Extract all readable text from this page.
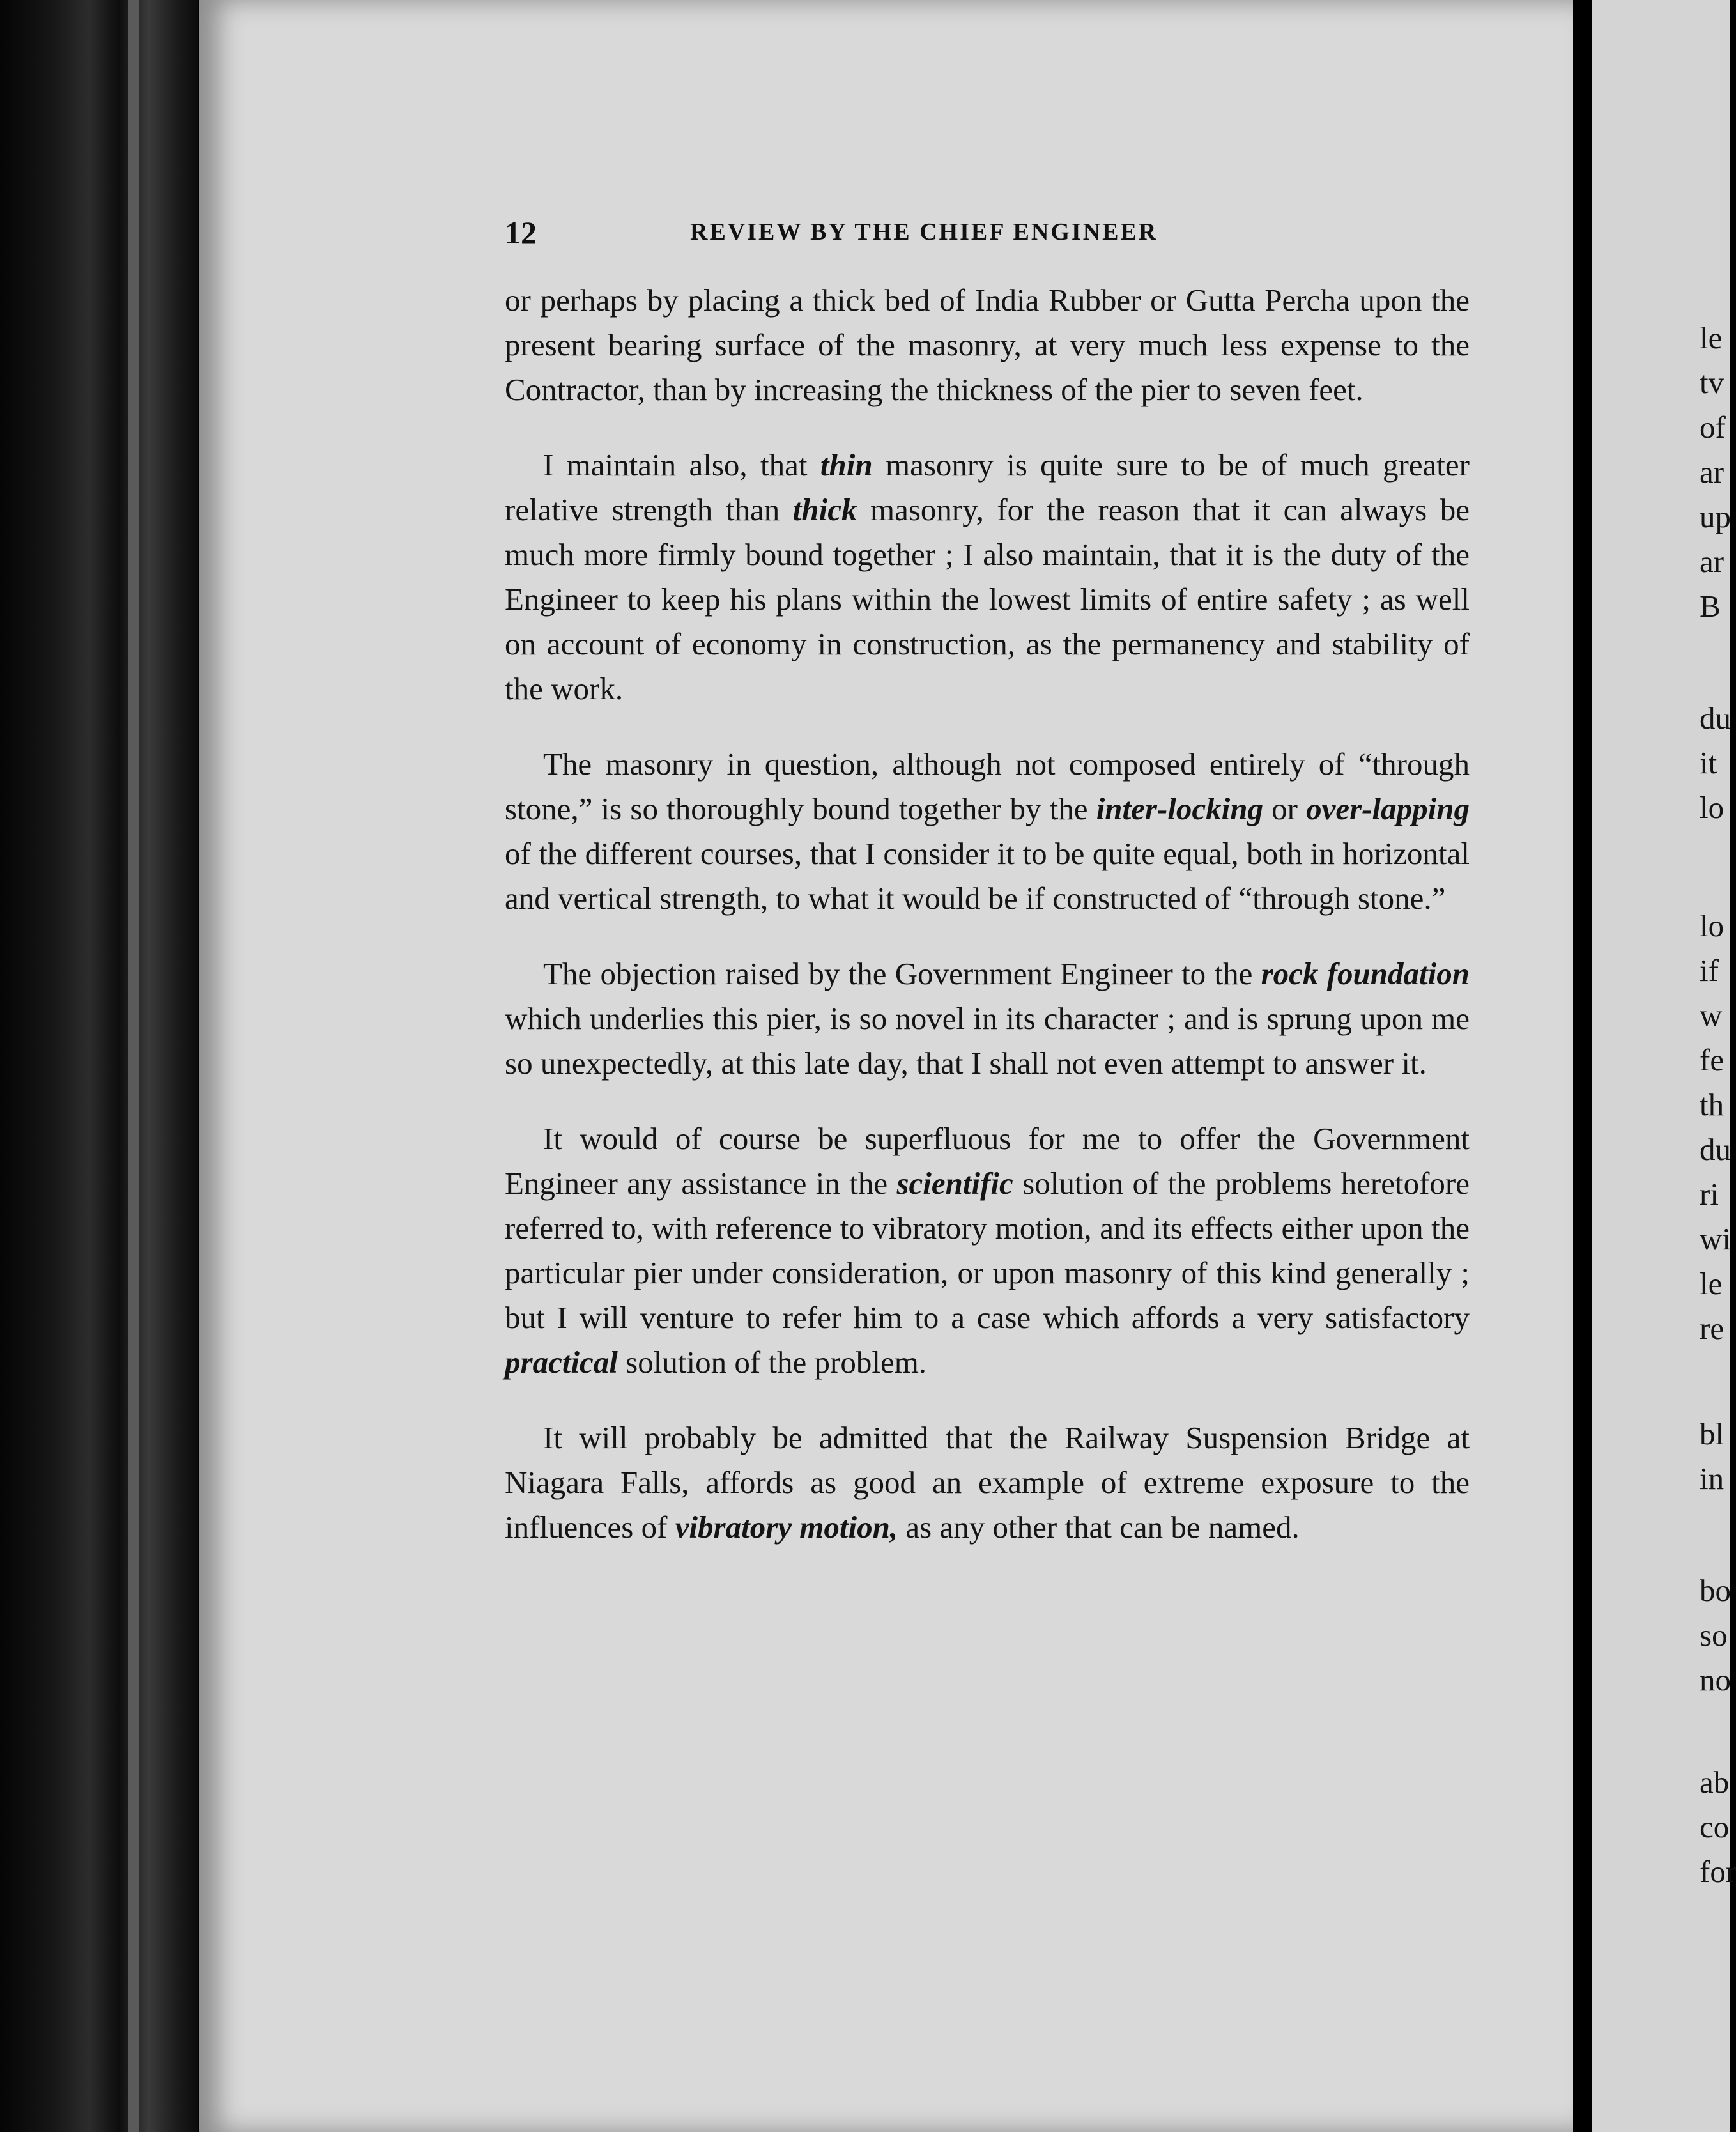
12	REVIEW BY THE CHIEF ENGINEER

or perhaps by placing a thick bed of India Rubber or Gutta Percha upon the present bearing surface of the masonry, at very much less expense to the Contractor, than by increasing the thickness of the pier to seven feet.

I maintain also, that thin masonry is quite sure to be of much greater relative strength than thick masonry, for the reason that it can always be much more firmly bound together ; I also maintain, that it is the duty of the Engineer to keep his plans within the lowest limits of entire safety ; as well on account of economy in construction, as the permanency and stability of the work.

The masonry in question, although not composed entirely of “through stone,” is so thoroughly bound together by the inter-locking or over-lapping of the different courses, that I consider it to be quite equal, both in horizontal and vertical strength, to what it would be if constructed of “through stone.”

The objection raised by the Government Engineer to the rock foundation which underlies this pier, is so novel in its character ; and is sprung upon me so unexpectedly, at this late day, that I shall not even attempt to answer it.

It would of course be superfluous for me to offer the Government Engineer any assistance in the scientific solution of the problems heretofore referred to, with reference to vibratory motion, and its effects either upon the particular pier under consideration, or upon masonry of this kind generally ; but I will venture to refer him to a case which affords a very satisfactory practical solution of the problem.

It will probably be admitted that the Railway Suspension Bridge at Niagara Falls, affords as good an example of extreme exposure to the influences of vibratory motion, as any other that can be named.

le
tv
of
ar
up
ar
B
du
it
lo
lo
if
w
fe
th
du
ri
wi
le
re
bl
in
bo
so
no
ab
co
for
